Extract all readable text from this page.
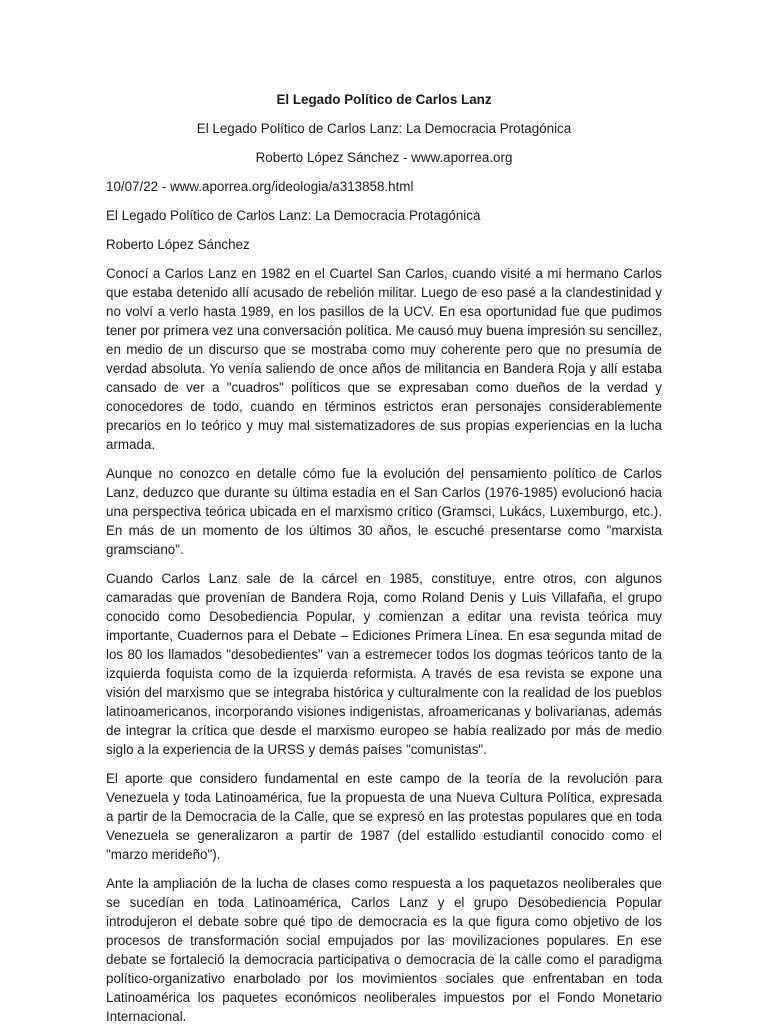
El Legado Político de Carlos Lanz
El Legado Político de Carlos Lanz: La Democracia Protagónica
Roberto López Sánchez - www.aporrea.org
10/07/22 - www.aporrea.org/ideologia/a313858.html
El Legado Político de Carlos Lanz: La Democracia Protagónica
Roberto López Sánchez

Conocí a Carlos Lanz en 1982 en el Cuartel San Carlos, cuando visité a mi hermano Carlos que estaba detenido allí acusado de rebelión militar. Luego de eso pasé a la clandestinidad y no volví a verlo hasta 1989, en los pasillos de la UCV. En esa oportunidad fue que pudimos tener por primera vez una conversación política. Me causó muy buena impresión su sencillez, en medio de un discurso que se mostraba como muy coherente pero que no presumía de verdad absoluta. Yo venía saliendo de once años de militancia en Bandera Roja y allí estaba cansado de ver a "cuadros" políticos que se expresaban como dueños de la verdad y conocedores de todo, cuando en términos estrictos eran personajes considerablemente precarios en lo teórico y muy mal sistematizadores de sus propias experiencias en la lucha armada.

Aunque no conozco en detalle cómo fue la evolución del pensamiento político de Carlos Lanz, deduzco que durante su última estadía en el San Carlos (1976-1985) evolucionó hacia una perspectiva teórica ubicada en el marxismo crítico (Gramsci, Lukács, Luxemburgo, etc.). En más de un momento de los últimos 30 años, le escuché presentarse como "marxista gramsciano".

Cuando Carlos Lanz sale de la cárcel en 1985, constituye, entre otros, con algunos camaradas que provenían de Bandera Roja, como Roland Denis y Luis Villafaña, el grupo conocido como Desobediencia Popular, y comienzan a editar una revista teórica muy importante, Cuadernos para el Debate – Ediciones Primera Línea. En esa segunda mitad de los 80 los llamados "desobedientes" van a estremecer todos los dogmas teóricos tanto de la izquierda foquista como de la izquierda reformista. A través de esa revista se expone una visión del marxismo que se integraba histórica y culturalmente con la realidad de los pueblos latinoamericanos, incorporando visiones indigenistas, afroamericanas y bolivarianas, además de integrar la crítica que desde el marxismo europeo se había realizado por más de medio siglo a la experiencia de la URSS y demás países "comunistas".

El aporte que considero fundamental en este campo de la teoría de la revolución para Venezuela y toda Latinoamérica, fue la propuesta de una Nueva Cultura Política, expresada a partir de la Democracia de la Calle, que se expresó en las protestas populares que en toda Venezuela se generalizaron a partir de 1987 (del estallido estudiantil conocido como el "marzo merideño").

Ante la ampliación de la lucha de clases como respuesta a los paquetazos neoliberales que se sucedían en toda Latinoamérica, Carlos Lanz y el grupo Desobediencia Popular introdujeron el debate sobre qué tipo de democracia es la que figura como objetivo de los procesos de transformación social empujados por las movilizaciones populares. En ese debate se fortaleció la democracia participativa o democracia de la calle como el paradigma político-organizativo enarbolado por los movimientos sociales que enfrentaban en toda Latinoamérica los paquetes económicos neoliberales impuestos por el Fondo Monetario Internacional.
